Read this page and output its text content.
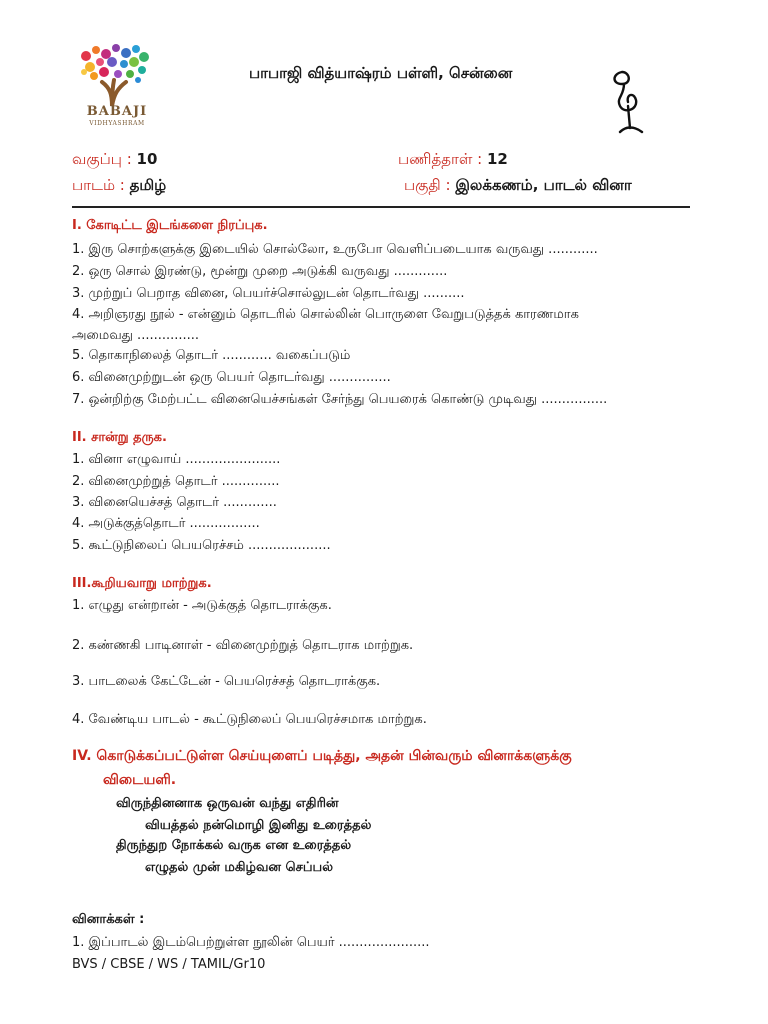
BABAJI
VIDHYASHRAM
பாபாஜி வித்யாஷ்ரம் பள்ளி, சென்னை
வகுப்பு : 10	பணித்தாள் : 12
பாடம் : தமிழ்	பகுதி : இலக்கணம், பாடல் வினா
I. கோடிட்ட இடங்களை நிரப்புக.
1. இரு சொற்களுக்கு இடையில் சொல்லோ, உருபோ வெளிப்படையாக வருவது ............
2. ஒரு சொல் இரண்டு, மூன்று முறை அடுக்கி வருவது .............
3. முற்றுப் பெறாத வினை, பெயர்ச்சொல்லுடன் தொடர்வது ..........
4. அறிஞரது நூல் - என்னும் தொடரில் சொல்லின் பொருளை வேறுபடுத்தக் காரணமாக
அமைவது ...............
5. தொகாநிலைத் தொடர் ............ வகைப்படும்
6. வினைமுற்றுடன் ஒரு பெயர் தொடர்வது ...............
7. ஒன்றிற்கு மேற்பட்ட வினையெச்சங்கள் சேர்ந்து பெயரைக் கொண்டு முடிவது ................
II. சான்று தருக.
1. வினா எழுவாய் .......................
2. வினைமுற்றுத் தொடர் ..............
3. வினையெச்சத் தொடர் .............
4. அடுக்குத்தொடர் .................
5. கூட்டுநிலைப் பெயரெச்சம் ....................
III.கூறியவாறு மாற்றுக.
1. எழுது என்றான் - அடுக்குத் தொடராக்குக.
2. கண்ணகி பாடினாள் - வினைமுற்றுத் தொடராக மாற்றுக.
3. பாடலைக் கேட்டேன் - பெயரெச்சத் தொடராக்குக.
4. வேண்டிய பாடல் - கூட்டுநிலைப் பெயரெச்சமாக மாற்றுக.
IV. கொடுக்கப்பட்டுள்ள செய்யுளைப் படித்து, அதன் பின்வரும் வினாக்களுக்கு
விடையளி.
விருந்தினனாக ஒருவன் வந்து எதிரின்
வியத்தல் நன்மொழி இனிது உரைத்தல்
திருந்துற நோக்கல் வருக என உரைத்தல்
எழுதல் முன் மகிழ்வன செப்பல்
வினாக்கள் :
1. இப்பாடல் இடம்பெற்றுள்ள நூலின் பெயர் ......................
BVS / CBSE / WS / TAMIL/Gr10
